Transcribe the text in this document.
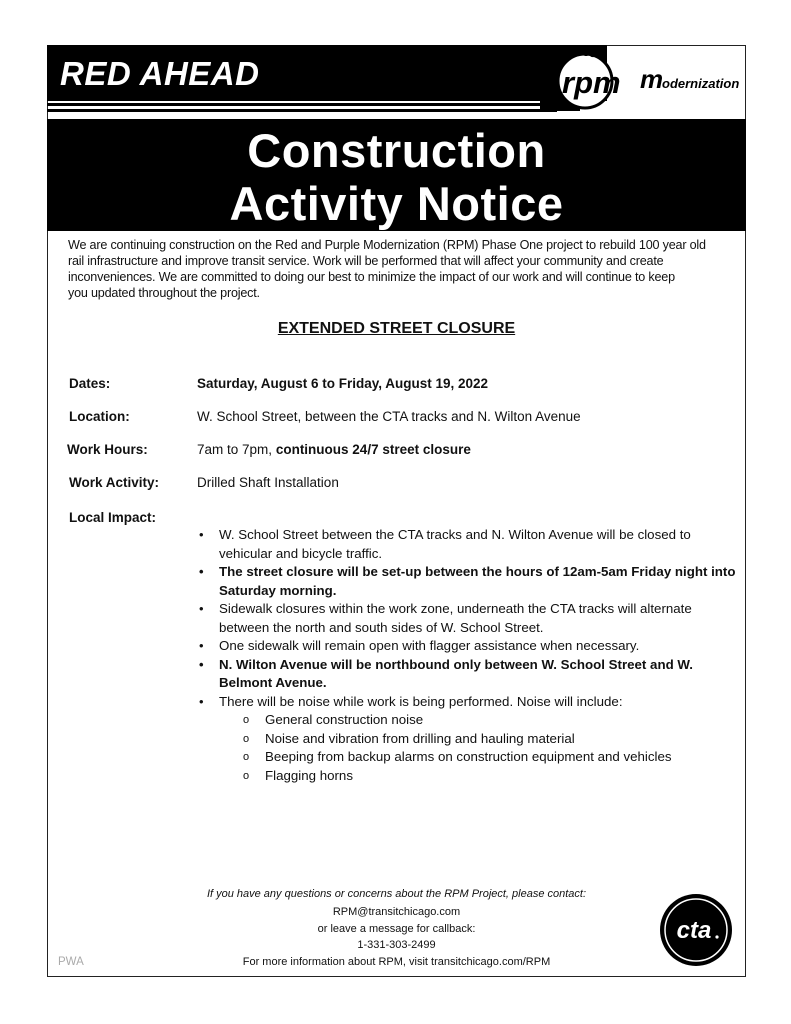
RED AHEAD	rpm m
odernization
Construction
Activity Notice
We are continuing construction on the Red and Purple Modernization (RPM) Phase One project to rebuild 100 year old
rail infrastructure and improve transit service. Work will be performed that will affect your community and create
inconveniences. We are committed to doing our best to minimize the impact of our work and will continue to keep
you updated throughout the project.
EXTENDED STREET CLOSURE
Dates:	Saturday, August 6 to Friday, August 19, 2022
Location:	W. School Street, between the CTA tracks and N. Wilton Avenue
Work Hours:	7am to 7pm, continuous 24/7 street closure
Work Activity:	Drilled Shaft Installation
Local Impact:
• W. School Street between the CTA tracks and N. Wilton Avenue will be closed to
vehicular and bicycle traffic.
• The street closure will be set-up between the hours of 12am-5am Friday night into
Saturday morning.
• Sidewalk closures within the work zone, underneath the CTA tracks will alternate
between the north and south sides of W. School Street.
• One sidewalk will remain open with flagger assistance when necessary.
• N. Wilton Avenue will be northbound only between W. School Street and W.
Belmont Avenue.
• There will be noise while work is being performed. Noise will include:
o General construction noise
o Noise and vibration from drilling and hauling material
o Beeping from backup alarms on construction equipment and vehicles
o Flagging horns
If you have any questions or concerns about the RPM Project, please contact:
RPM@transitchicago.com
or leave a message for callback:
1-331-303-2499
For more information about RPM, visit transitchicago.com/RPM
PWA
cta
